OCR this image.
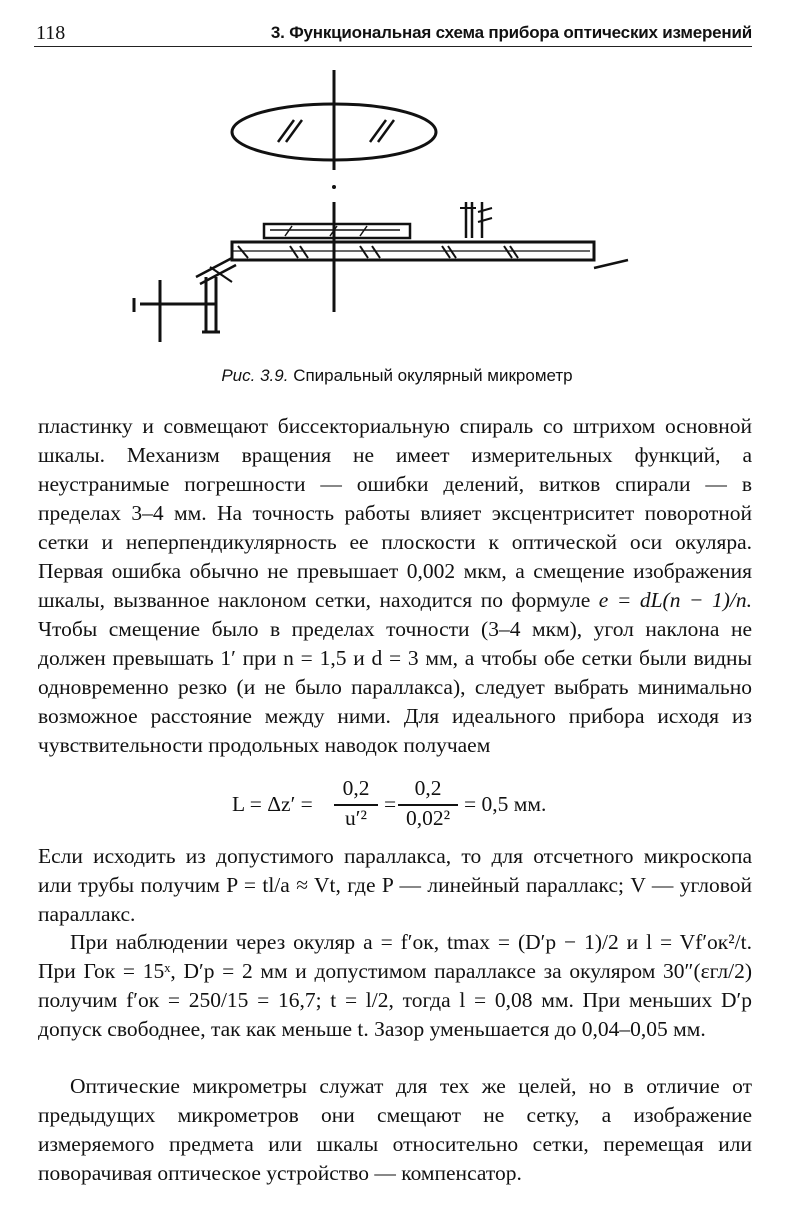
118	3. Функциональная схема прибора оптических измерений
Рис. 3.9. Спиральный окулярный микрометр

пластинку и совмещают биссекториальную спираль со штрихом основной шкалы. Механизм вращения не имеет измерительных функций, а неустранимые погрешности — ошибки делений, витков спирали — в пределах 3–4 мм. На точность работы влияет эксцентриситет поворотной сетки и неперпендикулярность ее плоскости к оптической оси окуляра. Первая ошибка обычно не превышает 0,002 мкм, а смещение изображения шкалы, вызванное наклоном сетки, находится по формуле e = dL(n − 1)/n. Чтобы смещение было в пределах точности (3–4 мкм), угол наклона не должен превышать 1′ при n = 1,5 и d = 3 мм, а чтобы обе сетки были видны одновременно резко (и не было параллакса), следует выбрать минимально возможное расстояние между ними. Для идеального прибора исходя из чувствительности продольных наводок получаем

L = Δz′ =
0,2
u′²
=
0,2
0,02²
= 0,5 мм.

Если исходить из допустимого параллакса, то для отсчетного микроскопа или трубы получим P = tl/a ≈ Vt, где P — линейный параллакс; V — угловой параллакс.

При наблюдении через окуляр a = f′ок, tmax = (D′р − 1)/2 и l = Vf′ок²/t. При Гок = 15ˣ, D′р = 2 мм и допустимом параллаксе за окуляром 30″(εгл/2) получим f′ок = 250/15 = 16,7; t = l/2, тогда l = 0,08 мм. При меньших D′р допуск свободнее, так как меньше t. Зазор уменьшается до 0,04–0,05 мм.

Оптические микрометры служат для тех же целей, но в отличие от предыдущих микрометров они смещают не сетку, а изображение измеряемого предмета или шкалы относительно сетки, перемещая или поворачивая оптическое устройство — компенсатор.
